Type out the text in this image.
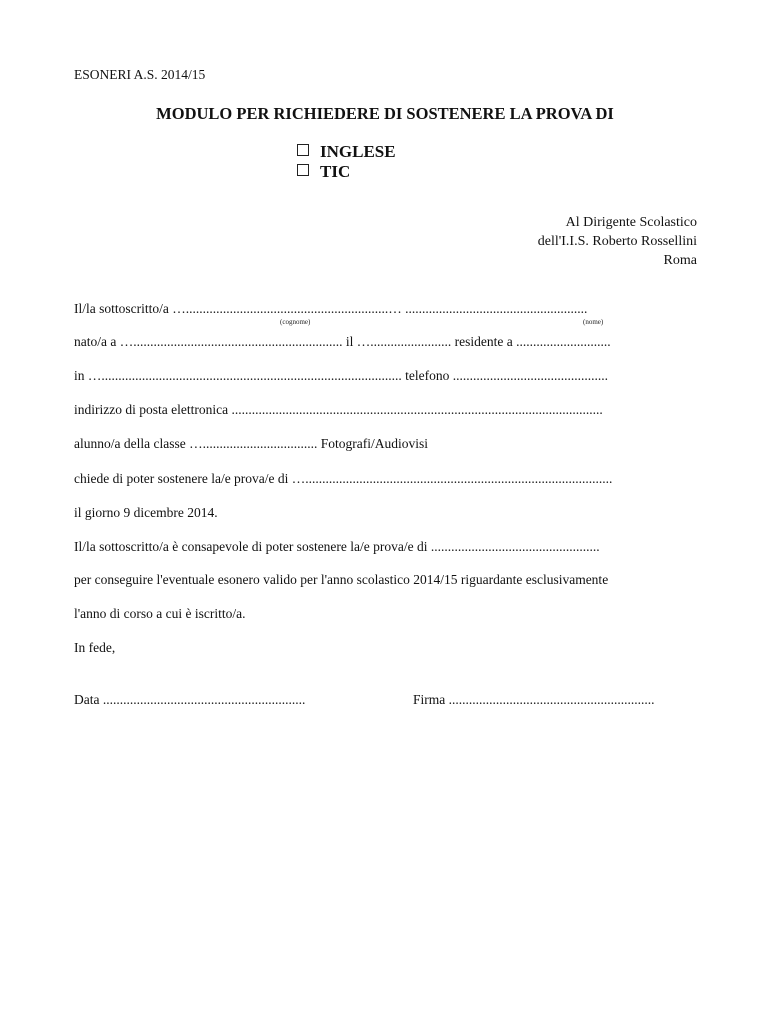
ESONERI A.S. 2014/15
MODULO PER RICHIEDERE DI SOSTENERE LA PROVA DI
INGLESE
TIC
Al Dirigente Scolastico
dell'I.I.S. Roberto Rossellini
Roma
Il/la sottoscritto/a …............................................................… ......................................................
(cognome)	(nome)
nato/a a ….............................................................. il …........................ residente a ............................
in …......................................................................................... telefono ..............................................
indirizzo di posta elettronica ..............................................................................................................
alunno/a della classe ….................................. Fotografi/Audiovisi
chiede di poter sostenere la/e prova/e di …...........................................................................................
il giorno 9 dicembre 2014.
Il/la sottoscritto/a è consapevole di poter sostenere la/e prova/e di ..................................................
per conseguire l'eventuale esonero valido per l'anno scolastico 2014/15 riguardante esclusivamente
l'anno di corso a cui è iscritto/a.
In fede,
Data ............................................................	Firma .............................................................
